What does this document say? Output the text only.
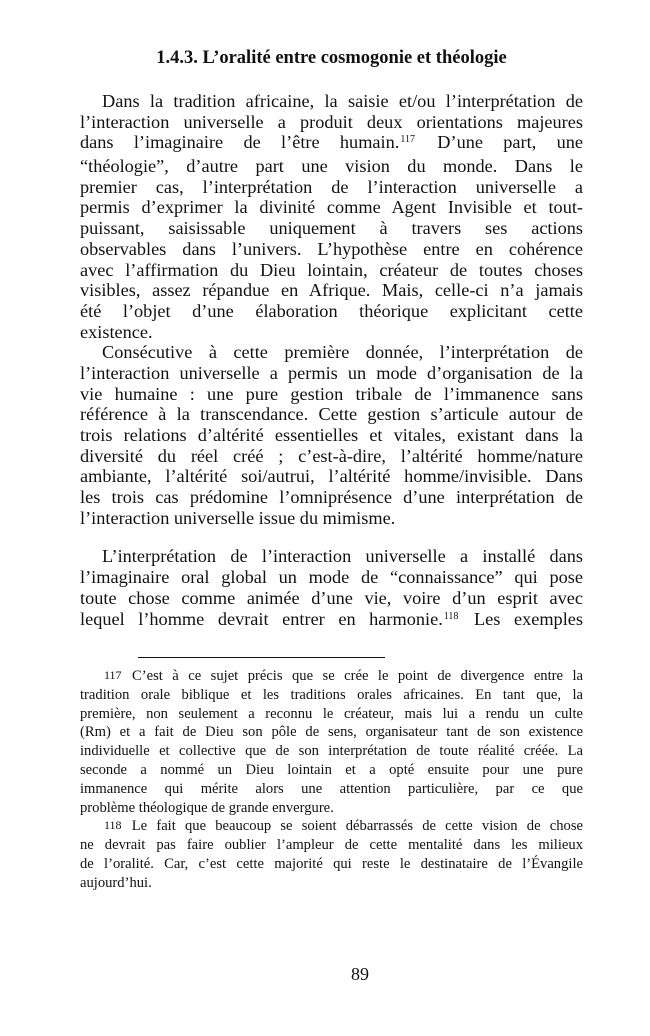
1.4.3. L’oralité entre cosmogonie et théologie
Dans la tradition africaine, la saisie et/ou l’interprétation de
l’interaction universelle a produit deux orientations majeures
dans l’imaginaire de l’être humain.$^{117}$ D’une part, une
“théologie”, d’autre part une vision du monde. Dans le
premier cas, l’interprétation de l’interaction universelle a
permis d’exprimer la divinité comme Agent Invisible et tout-
puissant, saisissable uniquement à travers ses actions
observables dans l’univers. L’hypothèse entre en cohérence
avec l’affirmation du Dieu lointain, créateur de toutes choses
visibles, assez répandue en Afrique. Mais, celle-ci n’a jamais
été l’objet d’une élaboration théorique explicitant cette
existence.
Consécutive à cette première donnée, l’interprétation de
l’interaction universelle a permis un mode d’organisation de la
vie humaine : une pure gestion tribale de l’immanence sans
référence à la transcendance. Cette gestion s’articule autour de
trois relations d’altérité essentielles et vitales, existant dans la
diversité du réel créé ; c’est-à-dire, l’altérité homme/nature
ambiante, l’altérité soi/autrui, l’altérité homme/invisible. Dans
les trois cas prédomine l’omniprésence d’une interprétation de
l’interaction universelle issue du mimisme.
L’interprétation de l’interaction universelle a installé dans
l’imaginaire oral global un mode de “connaissance” qui pose
toute chose comme animée d’une vie, voire d’un esprit avec
lequel l’homme devrait entrer en harmonie.$^{118}$ Les exemples
$^{117}$ C’est à ce sujet précis que se crée le point de divergence entre la
tradition orale biblique et les traditions orales africaines. En tant que, la
première, non seulement a reconnu le créateur, mais lui a rendu un culte
(Rm) et a fait de Dieu son pôle de sens, organisateur tant de son existence
individuelle et collective que de son interprétation de toute réalité créée. La
seconde a nommé un Dieu lointain et a opté ensuite pour une pure
immanence qui mérite alors une attention particulière, par ce que
problème théologique de grande envergure.
$^{118}$ Le fait que beaucoup se soient débarrassés de cette vision de chose
ne devrait pas faire oublier l’ampleur de cette mentalité dans les milieux
de l’oralité. Car, c’est cette majorité qui reste le destinataire de l’Évangile
aujourd’hui.
89
